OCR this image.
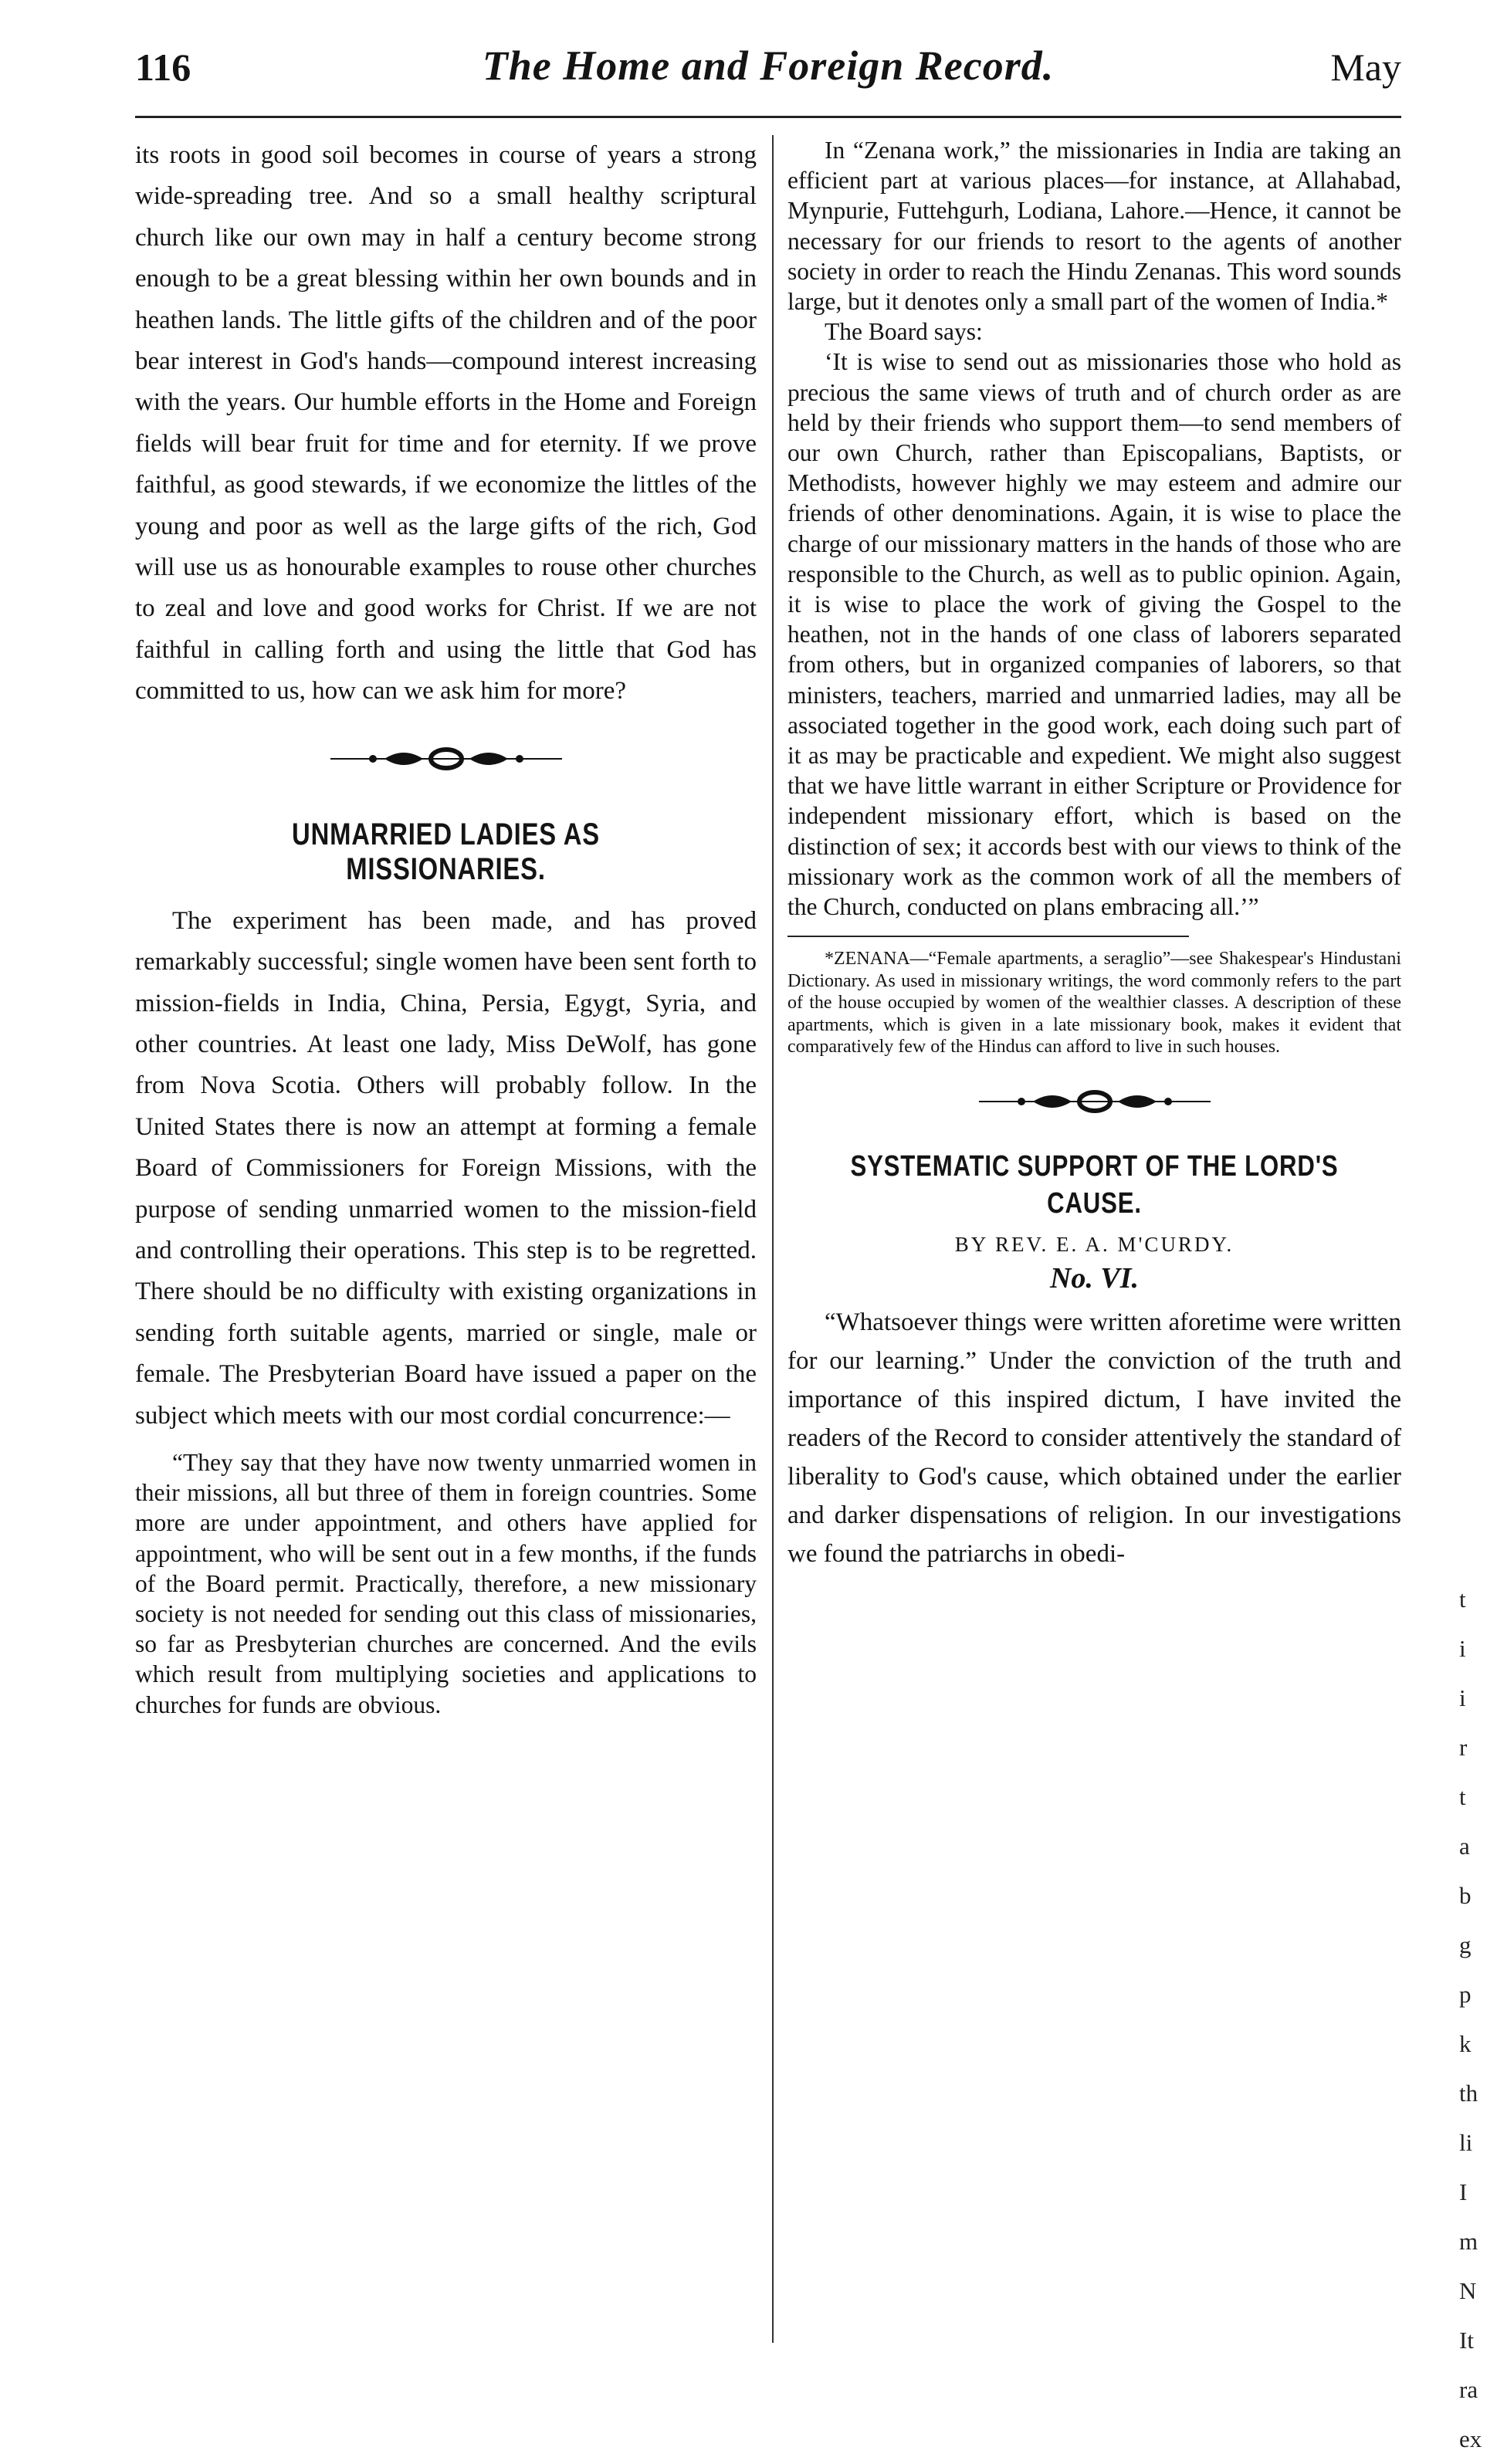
116	The Home and Foreign Record.	May

its roots in good soil becomes in course of years a strong wide-spreading tree. And so a small healthy scriptural church like our own may in half a century become strong enough to be a great blessing within her own bounds and in heathen lands. The little gifts of the children and of the poor bear interest in God's hands—compound interest increasing with the years. Our humble efforts in the Home and Foreign fields will bear fruit for time and for eternity. If we prove faithful, as good stewards, if we economize the littles of the young and poor as well as the large gifts of the rich, God will use us as honourable examples to rouse other churches to zeal and love and good works for Christ. If we are not faithful in calling forth and using the little that God has committed to us, how can we ask him for more?

UNMARRIED LADIES AS MISSIONARIES.

The experiment has been made, and has proved remarkably successful; single women have been sent forth to mission-fields in India, China, Persia, Egygt, Syria, and other countries. At least one lady, Miss DeWolf, has gone from Nova Scotia. Others will probably follow. In the United States there is now an attempt at forming a female Board of Commissioners for Foreign Missions, with the purpose of sending unmarried women to the mission-field and controlling their operations. This step is to be regretted. There should be no difficulty with existing organizations in sending forth suitable agents, married or single, male or female. The Presbyterian Board have issued a paper on the subject which meets with our most cordial concurrence:—

“They say that they have now twenty unmarried women in their missions, all but three of them in foreign countries. Some more are under appointment, and others have applied for appointment, who will be sent out in a few months, if the funds of the Board permit. Practically, therefore, a new missionary society is not needed for sending out this class of missionaries, so far as Presbyterian churches are concerned. And the evils which result from multiplying societies and applications to churches for funds are obvious.

In “Zenana work,” the missionaries in India are taking an efficient part at various places—for instance, at Allahabad, Mynpurie, Futtehgurh, Lodiana, Lahore.—Hence, it cannot be necessary for our friends to resort to the agents of another society in order to reach the Hindu Zenanas. This word sounds large, but it denotes only a small part of the women of India.*

The Board says:

‘It is wise to send out as missionaries those who hold as precious the same views of truth and of church order as are held by their friends who support them—to send members of our own Church, rather than Episcopalians, Baptists, or Methodists, however highly we may esteem and admire our friends of other denominations. Again, it is wise to place the charge of our missionary matters in the hands of those who are responsible to the Church, as well as to public opinion. Again, it is wise to place the work of giving the Gospel to the heathen, not in the hands of one class of laborers separated from others, but in organized companies of laborers, so that ministers, teachers, married and unmarried ladies, may all be associated together in the good work, each doing such part of it as may be practicable and expedient. We might also suggest that we have little warrant in either Scripture or Providence for independent missionary effort, which is based on the distinction of sex; it accords best with our views to think of the missionary work as the common work of all the members of the Church, conducted on plans embracing all.’”

*ZENANA—“Female apartments, a seraglio”—see Shakespear's Hindustani Dictionary. As used in missionary writings, the word commonly refers to the part of the house occupied by women of the wealthier classes. A description of these apartments, which is given in a late missionary book, makes it evident that comparatively few of the Hindus can afford to live in such houses.

SYSTEMATIC SUPPORT OF THE LORD'S CAUSE.
BY REV. E. A. M'CURDY.
No. VI.

“Whatsoever things were written aforetime were written for our learning.” Under the conviction of the truth and importance of this inspired dictum, I have invited the readers of the Record to consider attentively the standard of liberality to God's cause, which obtained under the earlier and darker dispensations of religion. In our investigations we found the patriarchs in obedi-

t
i
i
r
t
a
b
g
p
k
th
li
I
m
N
It
ra
ex
